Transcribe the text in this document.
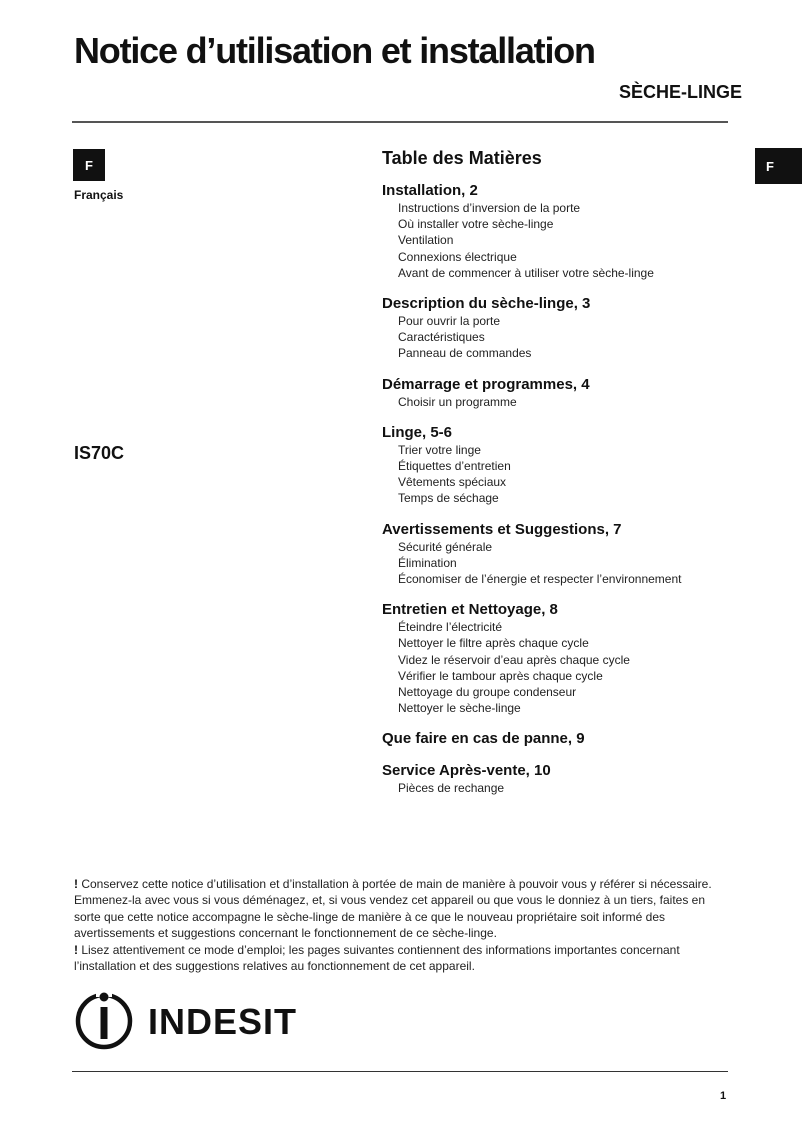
Notice d’utilisation et installation
SÈCHE-LINGE
F
Français
F
IS70C
Table des Matières
Installation, 2
Instructions d’inversion de la porte
Où installer votre sèche-linge
Ventilation
Connexions électrique
Avant de commencer à utiliser votre sèche-linge
Description du sèche-linge, 3
Pour ouvrir la porte
Caractéristiques
Panneau de commandes
Démarrage et programmes, 4
Choisir un programme
Linge, 5-6
Trier votre linge
Étiquettes d’entretien
Vêtements spéciaux
Temps de séchage
Avertissements et Suggestions, 7
Sécurité générale
Élimination
Économiser de l’énergie et respecter l’environnement
Entretien et Nettoyage, 8
Éteindre l’électricité
Nettoyer le filtre après chaque cycle
Videz le réservoir d’eau après chaque cycle
Vérifier le tambour après chaque cycle
Nettoyage du groupe condenseur
Nettoyer le sèche-linge
Que faire en cas de panne, 9
Service Après-vente, 10
Pièces de rechange

! Conservez cette notice d’utilisation et d’installation à portée de main de manière à pouvoir vous y référer si nécessaire. Emmenez-la avec vous si vous déménagez, et, si vous vendez cet appareil ou que vous le donniez à un tiers, faites en sorte que cette notice accompagne le sèche-linge de manière à ce que le nouveau propriétaire soit informé des avertissements et suggestions concernant le fonctionnement de ce sèche-linge.

! Lisez attentivement ce mode d’emploi; les pages suivantes contiennent des informations importantes concernant l’installation et des suggestions relatives au fonctionnement de cet appareil.

INDESIT
1
